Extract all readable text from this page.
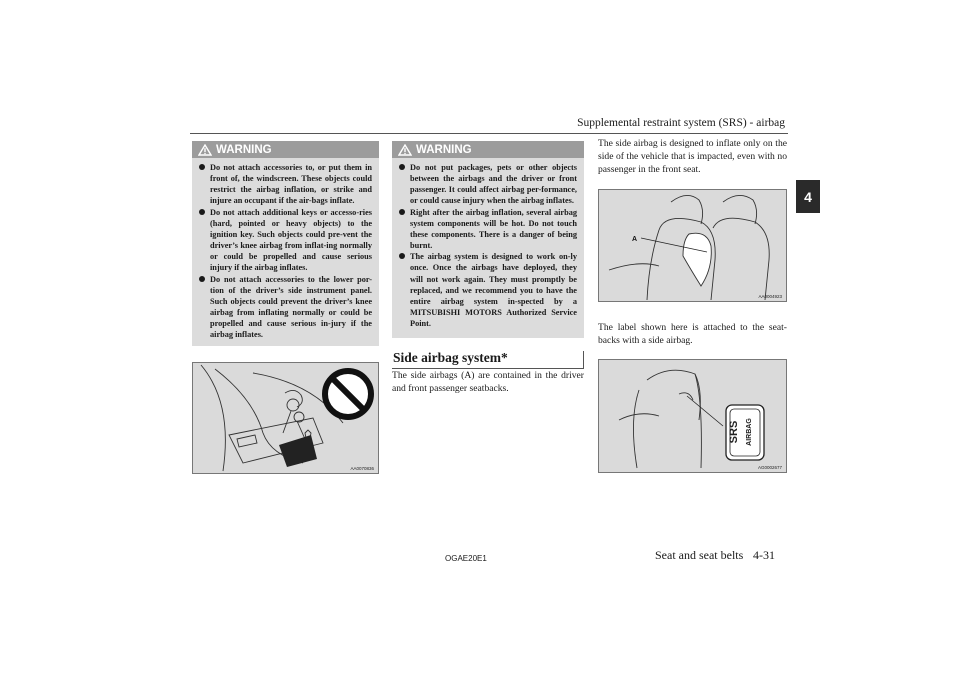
Supplemental restraint system (SRS) - airbag
4
WARNING
Do not attach accessories to, or put them in front of, the windscreen. These objects could restrict the airbag inflation, or strike and injure an occupant if the air-bags inflate.
Do not attach additional keys or accesso-ries (hard, pointed or heavy objects) to the ignition key. Such objects could pre-vent the driver’s knee airbag from inflat-ing normally or could be propelled and cause serious injury if the airbag inflates.
Do not attach accessories to the lower por-tion of the driver’s side instrument panel. Such objects could prevent the driver’s knee airbag from inflating normally or could be propelled and cause serious in-jury if the airbag inflates.
WARNING
Do not put packages, pets or other objects between the airbags and the driver or front passenger. It could affect airbag per-formance, or could cause injury when the airbag inflates.
Right after the airbag inflation, several airbag system components will be hot. Do not touch these components. There is a danger of being burnt.
The airbag system is designed to work on-ly once. Once the airbags have deployed, they will not work again. They must promptly be replaced, and we recommend you to have the entire airbag system in-spected by a MITSUBISHI MOTORS Authorized Service Point.
AA0070836
Side airbag system*
The side airbags (A) are contained in the driver and front passenger seatbacks.
The side airbag is designed to inflate only on the side of the vehicle that is impacted, even with no passenger in the front seat.
A
AA0004923
The label shown here is attached to the seat-backs with a side airbag.
SRS AIRBAG
AG0002677
OGAE20E1	Seat and seat belts 4-31
